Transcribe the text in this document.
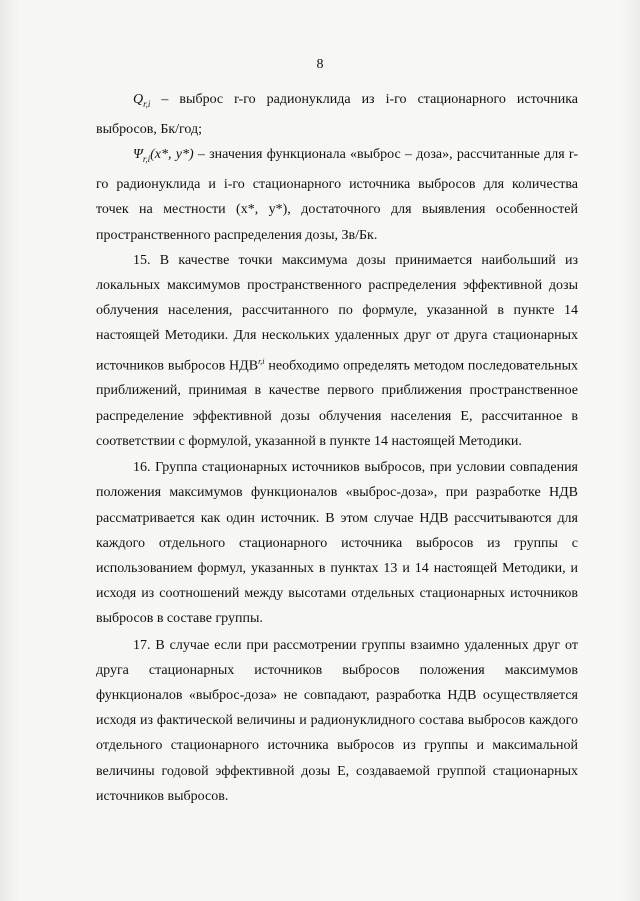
8

$Q_{r,i}$ – выброс r-го радионуклида из i-го стационарного источника выбросов, Бк/год;

$\Psi_{r,i}(x*$, y*) – значения функционала «выброс – доза», рассчитанные для r-го радионуклида и i-го стационарного источника выбросов для количества точек на местности (x*, y*), достаточного для выявления особенностей пространственного распределения дозы, Зв/Бк.

15. В качестве точки максимума дозы принимается наибольший из локальных максимумов пространственного распределения эффективной дозы облучения населения, рассчитанного по формуле, указанной в пункте 14 настоящей Методики. Для нескольких удаленных друг от друга стационарных источников выбросов НДВ$^{r,i}$ необходимо определять методом последовательных приближений, принимая в качестве первого приближения пространственное распределение эффективной дозы облучения населения E, рассчитанное в соответствии с формулой, указанной в пункте 14 настоящей Методики.

16. Группа стационарных источников выбросов, при условии совпадения положения максимумов функционалов «выброс-доза», при разработке НДВ рассматривается как один источник. В этом случае НДВ рассчитываются для каждого отдельного стационарного источника выбросов из группы с использованием формул, указанных в пунктах 13 и 14 настоящей Методики, и исходя из соотношений между высотами отдельных стационарных источников выбросов в составе группы.

17. В случае если при рассмотрении группы взаимно удаленных друг от друга стационарных источников выбросов положения максимумов функционалов «выброс-доза» не совпадают, разработка НДВ осуществляется исходя из фактической величины и радионуклидного состава выбросов каждого отдельного стационарного источника выбросов из группы и максимальной величины годовой эффективной дозы E, создаваемой группой стационарных источников выбросов.
